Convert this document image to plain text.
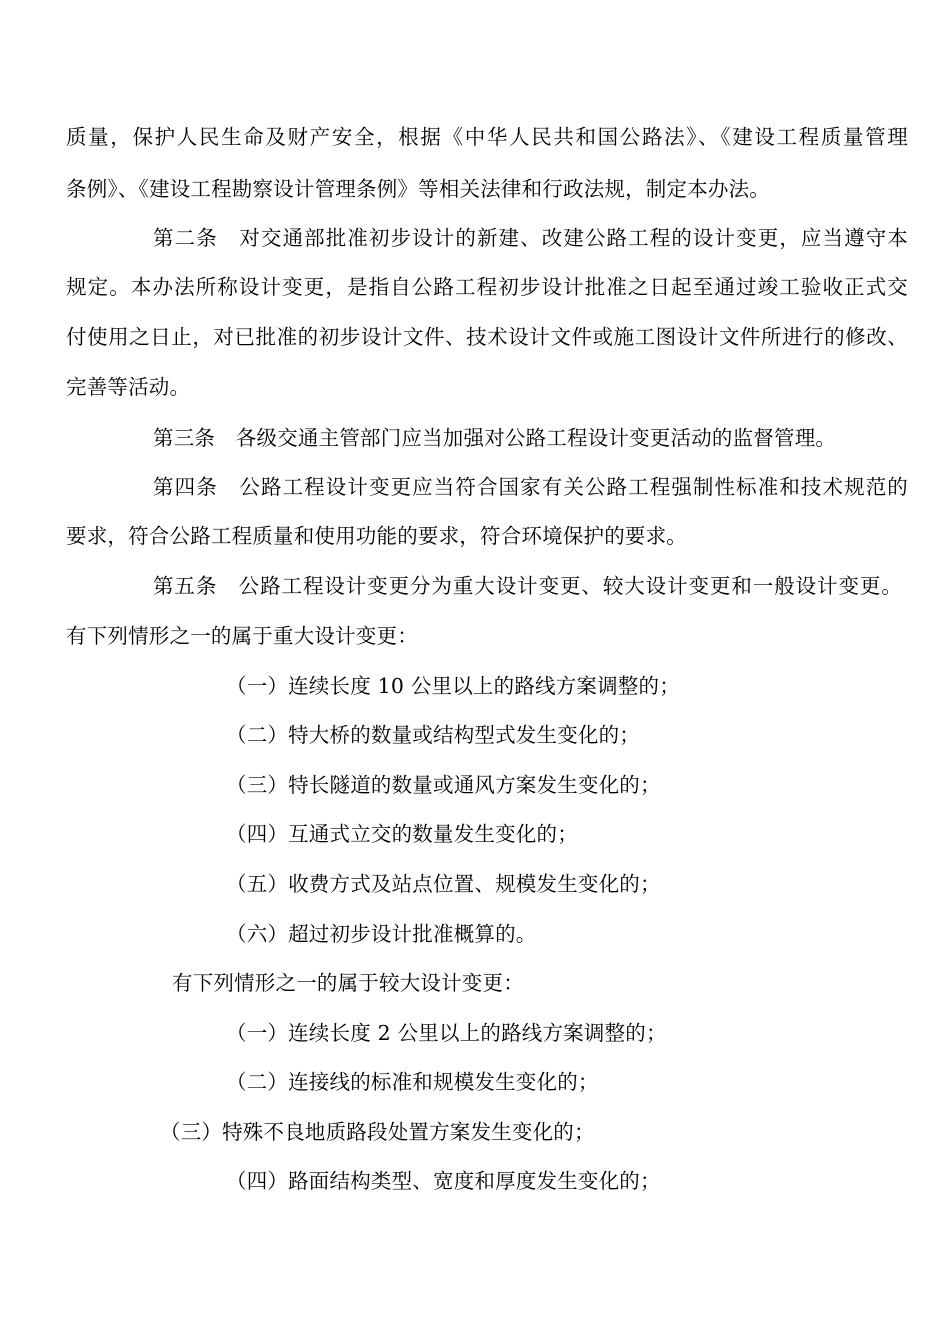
质量，保护人民生命及财产安全，根据《中华人民共和国公路法》、《建设工程质量管理
条例》、《建设工程勘察设计管理条例》等相关法律和行政法规，制定本办法。
第二条　对交通部批准初步设计的新建、改建公路工程的设计变更，应当遵守本
规定。本办法所称设计变更，是指自公路工程初步设计批准之日起至通过竣工验收正式交
付使用之日止，对已批准的初步设计文件、技术设计文件或施工图设计文件所进行的修改、
完善等活动。
第三条　各级交通主管部门应当加强对公路工程设计变更活动的监督管理。
第四条　公路工程设计变更应当符合国家有关公路工程强制性标准和技术规范的
要求，符合公路工程质量和使用功能的要求，符合环境保护的要求。
第五条　公路工程设计变更分为重大设计变更、较大设计变更和一般设计变更。
有下列情形之一的属于重大设计变更：
（一）连续长度 10 公里以上的路线方案调整的；
（二）特大桥的数量或结构型式发生变化的；
（三）特长隧道的数量或通风方案发生变化的；
（四）互通式立交的数量发生变化的；
（五）收费方式及站点位置、规模发生变化的；
（六）超过初步设计批准概算的。
有下列情形之一的属于较大设计变更：
（一）连续长度 2 公里以上的路线方案调整的；
（二）连接线的标准和规模发生变化的；
（三）特殊不良地质路段处置方案发生变化的；
（四）路面结构类型、宽度和厚度发生变化的；
